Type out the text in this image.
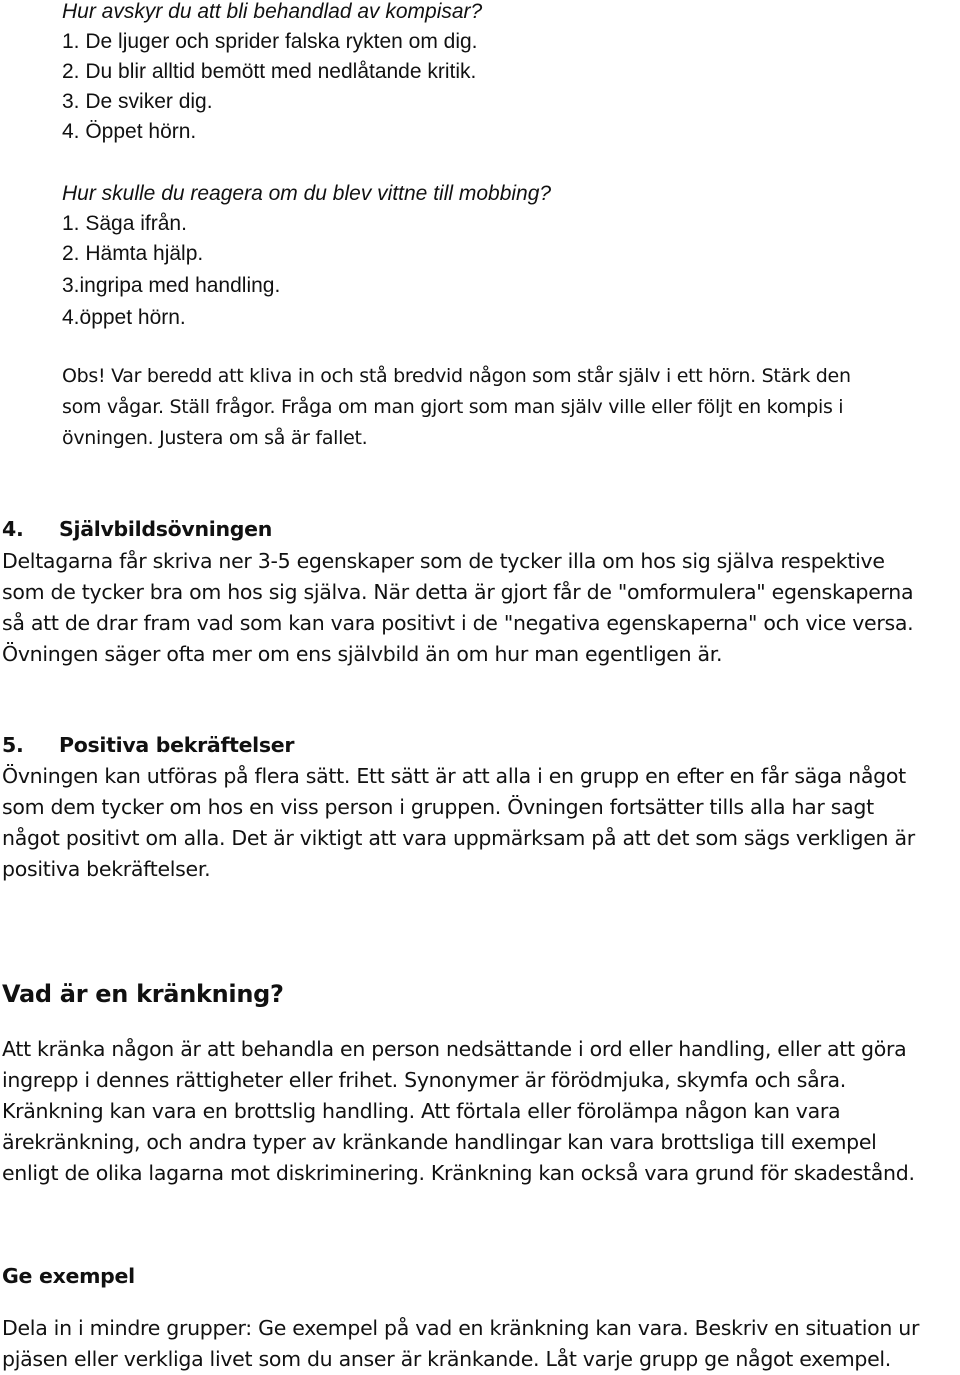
Hur avskyr du att bli behandlad av kompisar?

1. De ljuger och sprider falska rykten om dig.

2. Du blir alltid bemött med nedlåtande kritik.

3. De sviker dig.

4. Öppet hörn.

Hur skulle du reagera om du blev vittne till mobbing?

1. Säga ifrån.

2. Hämta hjälp.

3.ingripa med handling.

4.öppet hörn.

Obs! Var beredd att kliva in och stå bredvid någon som står själv i ett hörn. Stärk den

som vågar. Ställ frågor. Fråga om man gjort som man själv ville eller följt en kompis i

övningen. Justera om så är fallet.

4. Självbildsövningen

Deltagarna får skriva ner 3-5 egenskaper som de tycker illa om hos sig själva respektive

som de tycker bra om hos sig själva. När detta är gjort får de "omformulera" egenskaperna

så att de drar fram vad som kan vara positivt i de "negativa egenskaperna" och vice versa.

Övningen säger ofta mer om ens självbild än om hur man egentligen är.

5. Positiva bekräftelser

Övningen kan utföras på flera sätt. Ett sätt är att alla i en grupp en efter en får säga något

som dem tycker om hos en viss person i gruppen. Övningen fortsätter tills alla har sagt

något positivt om alla. Det är viktigt att vara uppmärksam på att det som sägs verkligen är

positiva bekräftelser.

Vad är en kränkning?

Att kränka någon är att behandla en person nedsättande i ord eller handling, eller att göra

ingrepp i dennes rättigheter eller frihet. Synonymer är förödmjuka, skymfa och såra.

Kränkning kan vara en brottslig handling. Att förtala eller förolämpa någon kan vara

ärekränkning, och andra typer av kränkande handlingar kan vara brottsliga till exempel

enligt de olika lagarna mot diskriminering. Kränkning kan också vara grund för skadestånd.

Ge exempel

Dela in i mindre grupper: Ge exempel på vad en kränkning kan vara. Beskriv en situation ur

pjäsen eller verkliga livet som du anser är kränkande. Låt varje grupp ge något exempel.
